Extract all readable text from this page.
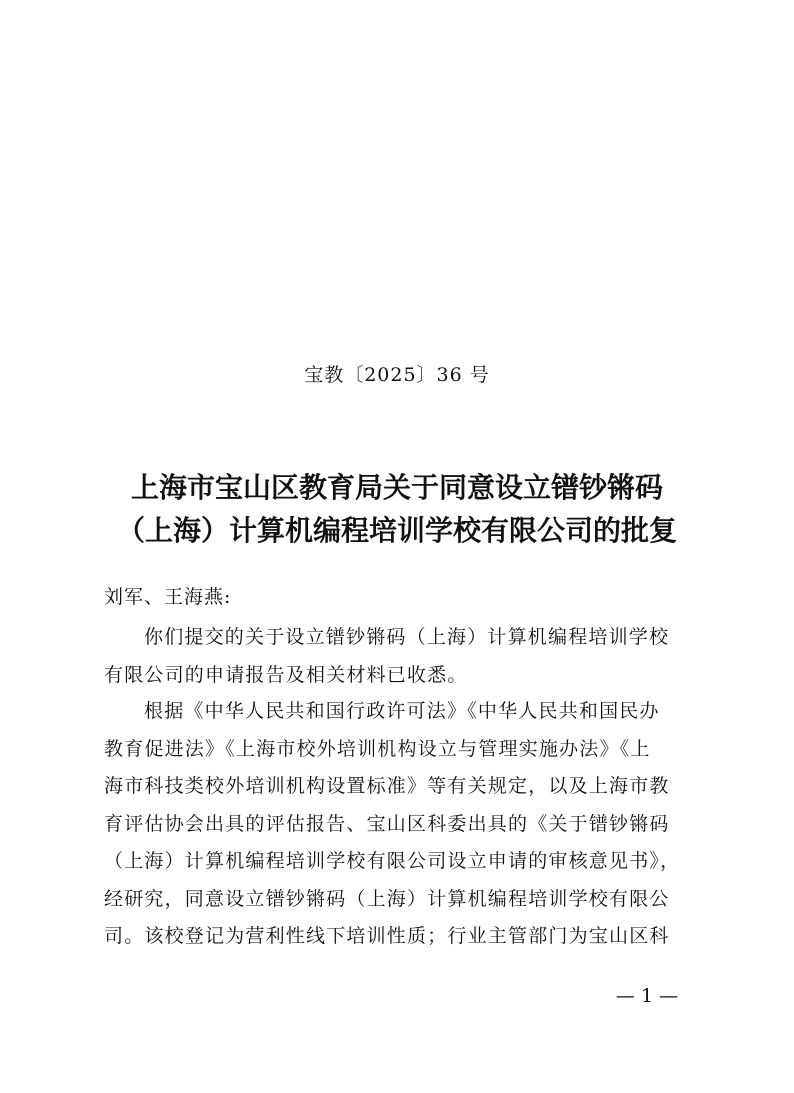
宝教〔2025〕36 号
上海市宝山区教育局关于同意设立镨钞锵码
（上海）计算机编程培训学校有限公司的批复
刘军、王海燕:
你们提交的关于设立镨钞锵码（上海）计算机编程培训学校
有限公司的申请报告及相关材料已收悉。
根据《中华人民共和国行政许可法》《中华人民共和国民办
教育促进法》《上海市校外培训机构设立与管理实施办法》《上
海市科技类校外培训机构设置标准》等有关规定，以及上海市教
育评估协会出具的评估报告、宝山区科委出具的《关于镨钞锵码
（上海）计算机编程培训学校有限公司设立申请的审核意见书》，
经研究，同意设立镨钞锵码（上海）计算机编程培训学校有限公
司。该校登记为营利性线下培训性质；行业主管部门为宝山区科
— 1 —
